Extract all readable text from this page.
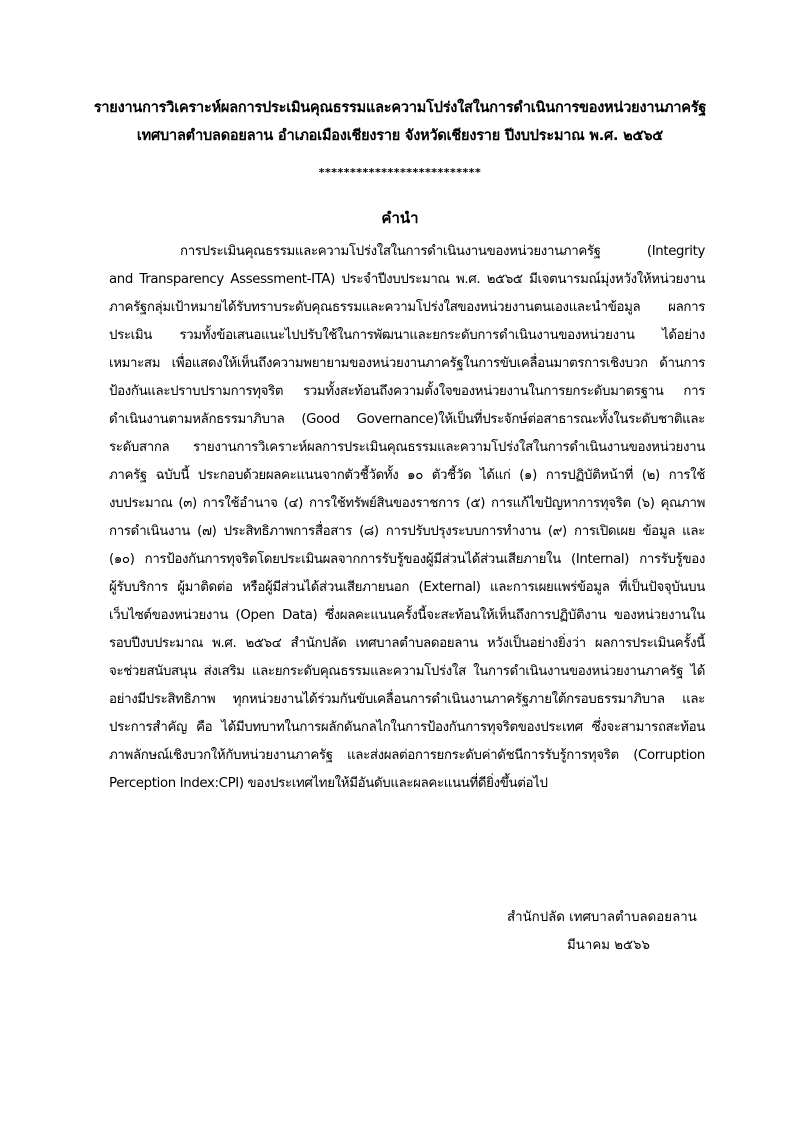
รายงานการวิเคราะห์ผลการประเมินคุณธรรมและความโปร่งใสในการดำเนินการของหน่วยงานภาครัฐ
เทศบาลตำบลดอยลาน อำเภอเมืองเชียงราย จังหวัดเชียงราย ปีงบประมาณ พ.ศ. ๒๕๖๕
**************************
คำนำ
การประเมินคุณธรรมและความโปร่งใสในการดำเนินงานของหน่วยงานภาครัฐ (Integrity
and Transparency Assessment-ITA) ประจำปีงบประมาณ พ.ศ. ๒๕๖๕ มีเจตนารมณ์มุ่งหวังให้หน่วยงาน
ภาครัฐกลุ่มเป้าหมายได้รับทราบระดับคุณธรรมและความโปร่งใสของหน่วยงานตนเองและนำข้อมูล ผลการ
ประเมิน รวมทั้งข้อเสนอแนะไปปรับใช้ในการพัฒนาและยกระดับการดำเนินงานของหน่วยงาน ได้อย่าง
เหมาะสม เพื่อแสดงให้เห็นถึงความพยายามของหน่วยงานภาครัฐในการขับเคลื่อนมาตรการเชิงบวก ด้านการ
ป้องกันและปราบปรามการทุจริต รวมทั้งสะท้อนถึงความตั้งใจของหน่วยงานในการยกระดับมาตรฐาน การ
ดำเนินงานตามหลักธรรมาภิบาล (Good Governance)ให้เป็นที่ประจักษ์ต่อสาธารณะทั้งในระดับชาติและ
ระดับสากล รายงานการวิเคราะห์ผลการประเมินคุณธรรมและความโปร่งใสในการดำเนินงานของหน่วยงาน
ภาครัฐ ฉบับนี้ ประกอบด้วยผลคะแนนจากตัวชี้วัดทั้ง ๑๐ ตัวชี้วัด ได้แก่ (๑) การปฏิบัติหน้าที่ (๒) การใช้
งบประมาณ (๓) การใช้อำนาจ (๔) การใช้ทรัพย์สินของราชการ (๕) การแก้ไขปัญหาการทุจริต (๖) คุณภาพ
การดำเนินงาน (๗) ประสิทธิภาพการสื่อสาร (๘) การปรับปรุงระบบการทำงาน (๙) การเปิดเผย ข้อมูล และ
(๑๐) การป้องกันการทุจริตโดยประเมินผลจากการรับรู้ของผู้มีส่วนได้ส่วนเสียภายใน (Internal) การรับรู้ของ
ผู้รับบริการ ผู้มาติดต่อ หรือผู้มีส่วนได้ส่วนเสียภายนอก (External) และการเผยแพร่ข้อมูล ที่เป็นปัจจุบันบน
เว็บไซต์ของหน่วยงาน (Open Data) ซึ่งผลคะแนนครั้งนี้จะสะท้อนให้เห็นถึงการปฏิบัติงาน ของหน่วยงานใน
รอบปีงบประมาณ พ.ศ. ๒๕๖๔ สำนักปลัด เทศบาลตำบลดอยลาน หวังเป็นอย่างยิ่งว่า ผลการประเมินครั้งนี้
จะช่วยสนับสนุน ส่งเสริม และยกระดับคุณธรรมและความโปร่งใส ในการดำเนินงานของหน่วยงานภาครัฐ ได้
อย่างมีประสิทธิภาพ ทุกหน่วยงานได้ร่วมกันขับเคลื่อนการดำเนินงานภาครัฐภายใต้กรอบธรรมาภิบาล และ
ประการสำคัญ คือ ได้มีบทบาทในการผลักดันกลไกในการป้องกันการทุจริตของประเทศ ซึ่งจะสามารถสะท้อน
ภาพลักษณ์เชิงบวกให้กับหน่วยงานภาครัฐ และส่งผลต่อการยกระดับค่าดัชนีการรับรู้การทุจริต (Corruption
Perception Index:CPI) ของประเทศไทยให้มีอันดับและผลคะแนนที่ดียิ่งขึ้นต่อไป
สำนักปลัด เทศบาลตำบลดอยลาน
มีนาคม ๒๕๖๖
